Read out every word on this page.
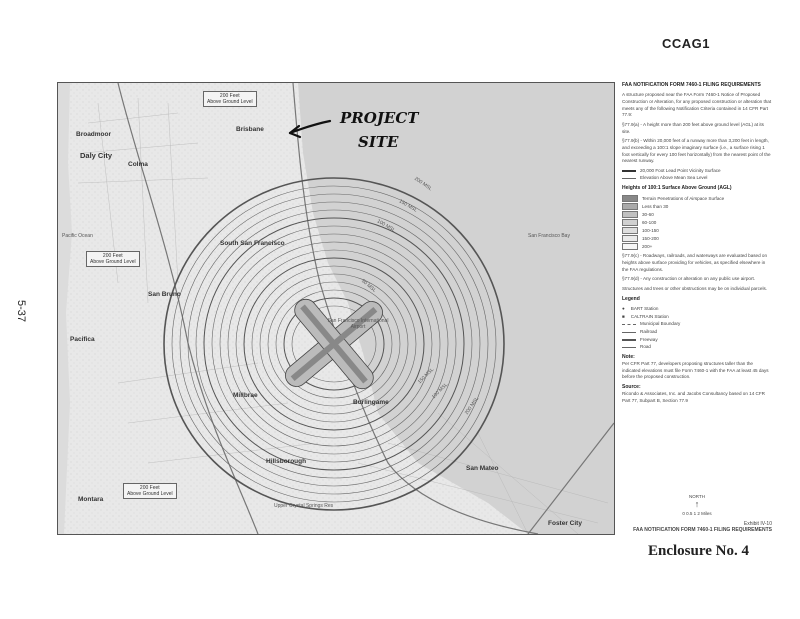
CCAG1
5-37
Enclosure No. 4
Broadmoor
Daly City
Colma
Brisbane
South San Francisco
San Bruno
Pacifica
Millbrae
Burlingame
Hillsborough
San Mateo
Foster City
Montara
San Francisco International Airport
San Francisco Bay
Pacific Ocean
Upper Crystal Springs Res
200 Feet
Above Ground Level
200 Feet
Above Ground Level
200 Feet
Above Ground Level
200 MSL
150 MSL
100 MSL
50 MSL
150 MSL
100 MSL
200 MSL
PROJECT
SITE

FAA NOTIFICATION FORM 7460-1 FILING REQUIREMENTS

A structure proposed near the FAA Form 7460-1 Notice of Proposed Construction or Alteration, for any proposed construction or alteration that meets any of the following Notification Criteria contained in 14 CFR Part 77.9:

§77.9(a) - A height more than 200 feet above ground level (AGL) at its site.

§77.9(b) - Within 20,000 feet of a runway more than 3,200 feet in length, and exceeding a 100:1 slope imaginary surface (i.e., a surface rising 1 foot vertically for every 100 feet horizontally) from the nearest point of the nearest runway.

20,000 Foot Lead Point Vicinity Surface
Elevation Above Mean Sea Level

Heights of 100:1 Surface Above Ground (AGL)

Terrain Penetrations of Airspace Surface
Less than 30
30-60
60-100
100-150
150-200
200+

§77.9(c) - Roadways, railroads, and waterways are evaluated based on heights above surface providing for vehicles, as specified elsewhere in the FAA regulations.

§77.9(d) - Any construction or alteration on any public use airport.

Structures and trees or other obstructions may be on individual parcels.

Legend

● BART Station
■ CALTRAIN Station
Municipal Boundary
Railroad
Freeway
Road

Note:

Per CFR Part 77, developers proposing structures taller than the indicated elevations must file Form 7460-1 with the FAA at least 45 days before the proposed construction.

Source:

Ricondo & Associates, Inc. and Jacobs Consultancy based on 14 CFR Part 77, Subpart B, Section 77.9

NORTH
↑
0 0.5 1 2 Miles
Exhibit IV-10
FAA NOTIFICATION FORM 7460-1 FILING REQUIREMENTS
